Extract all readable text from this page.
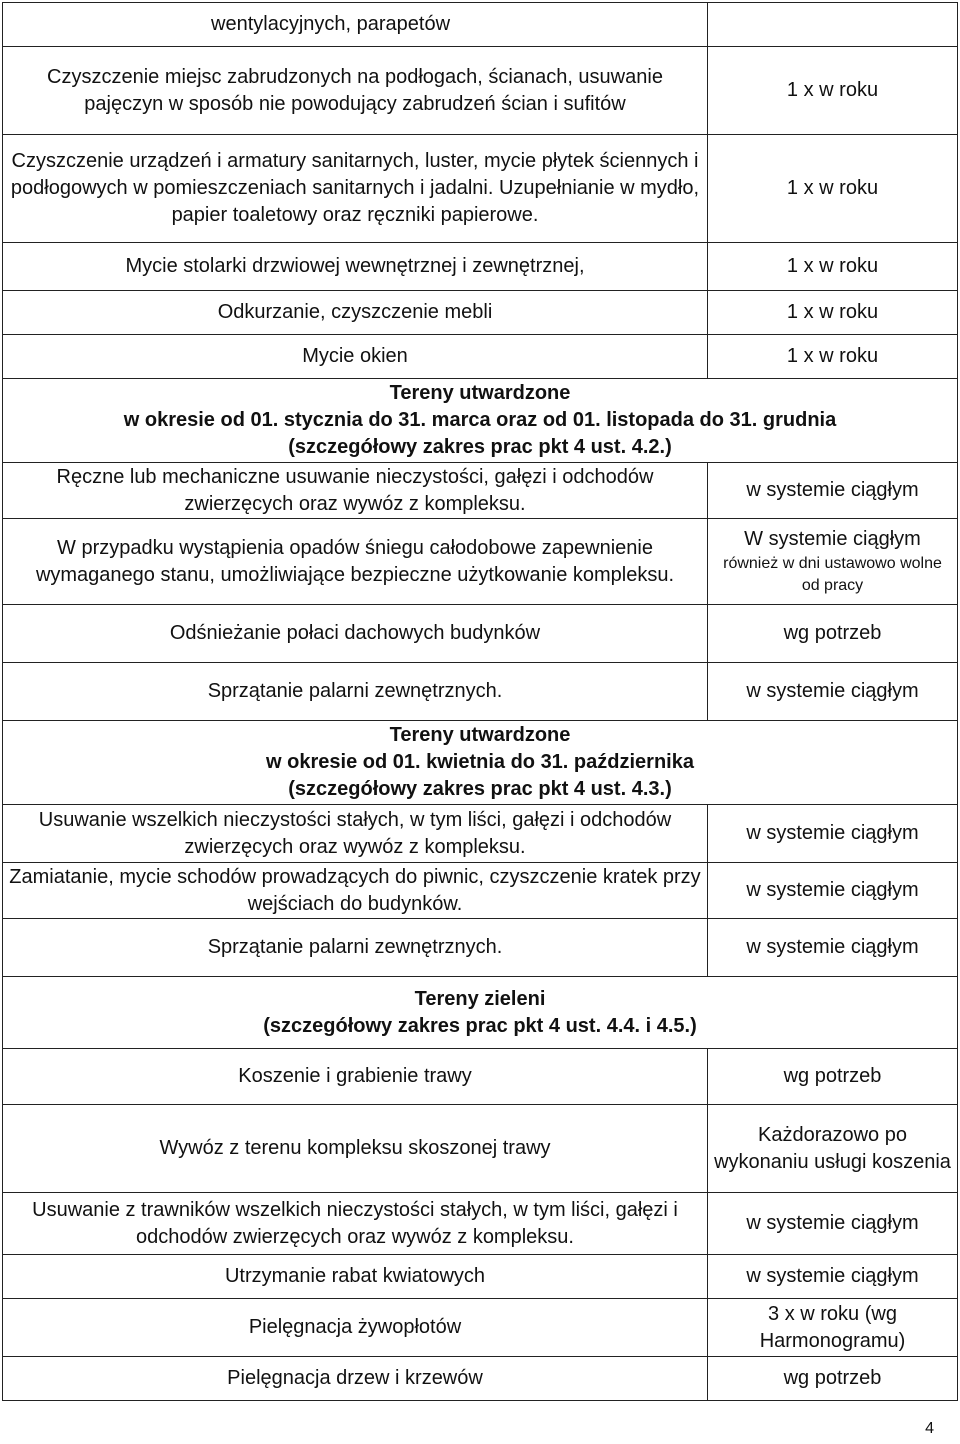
wentylacyjnych, parapetów	
Czyszczenie miejsc zabrudzonych na podłogach, ścianach, usuwanie pajęczyn w sposób nie powodujący zabrudzeń ścian i sufitów	1 x w roku
Czyszczenie urządzeń i armatury sanitarnych, luster, mycie płytek ściennych i podłogowych w pomieszczeniach sanitarnych i jadalni. Uzupełnianie w mydło, papier toaletowy oraz ręczniki papierowe.	1 x w roku
Mycie stolarki drzwiowej wewnętrznej i zewnętrznej,	1 x w roku
Odkurzanie, czyszczenie mebli	1 x w roku
Mycie okien	1 x w roku

Tereny utwardzone
w okresie od 01. stycznia do 31. marca oraz od 01. listopada do 31. grudnia
(szczegółowy zakres prac pkt 4 ust. 4.2.)	

Ręczne lub mechaniczne usuwanie nieczystości, gałęzi i odchodów zwierzęcych oraz wywóz z kompleksu.	w systemie ciągłym
W przypadku wystąpienia opadów śniegu całodobowe zapewnienie wymaganego stanu, umożliwiające bezpieczne użytkowanie kompleksu.	W systemie ciągłym
również w dni ustawowo wolne od pracy

Odśnieżanie połaci dachowych budynków	wg potrzeb
Sprzątanie palarni zewnętrznych.	w systemie ciągłym

Tereny utwardzone
w okresie od 01. kwietnia do 31. października
(szczegółowy zakres prac pkt 4 ust. 4.3.)	

Usuwanie wszelkich nieczystości stałych, w tym liści, gałęzi i odchodów zwierzęcych oraz wywóz z kompleksu.	w systemie ciągłym
Zamiatanie, mycie schodów prowadzących do piwnic, czyszczenie kratek przy wejściach do budynków.	w systemie ciągłym
Sprzątanie palarni zewnętrznych.	w systemie ciągłym

Tereny zieleni
(szczegółowy zakres prac pkt 4 ust. 4.4. i 4.5.)	

Koszenie i grabienie trawy	wg potrzeb
Wywóz z terenu kompleksu skoszonej trawy	Każdorazowo po wykonaniu usługi koszenia
Usuwanie z trawników wszelkich nieczystości stałych, w tym liści, gałęzi i odchodów zwierzęcych oraz wywóz z kompleksu.	w systemie ciągłym
Utrzymanie rabat kwiatowych	w systemie ciągłym
Pielęgnacja żywopłotów	3 x w roku (wg Harmonogramu)
Pielęgnacja drzew i krzewów	wg potrzeb
4
